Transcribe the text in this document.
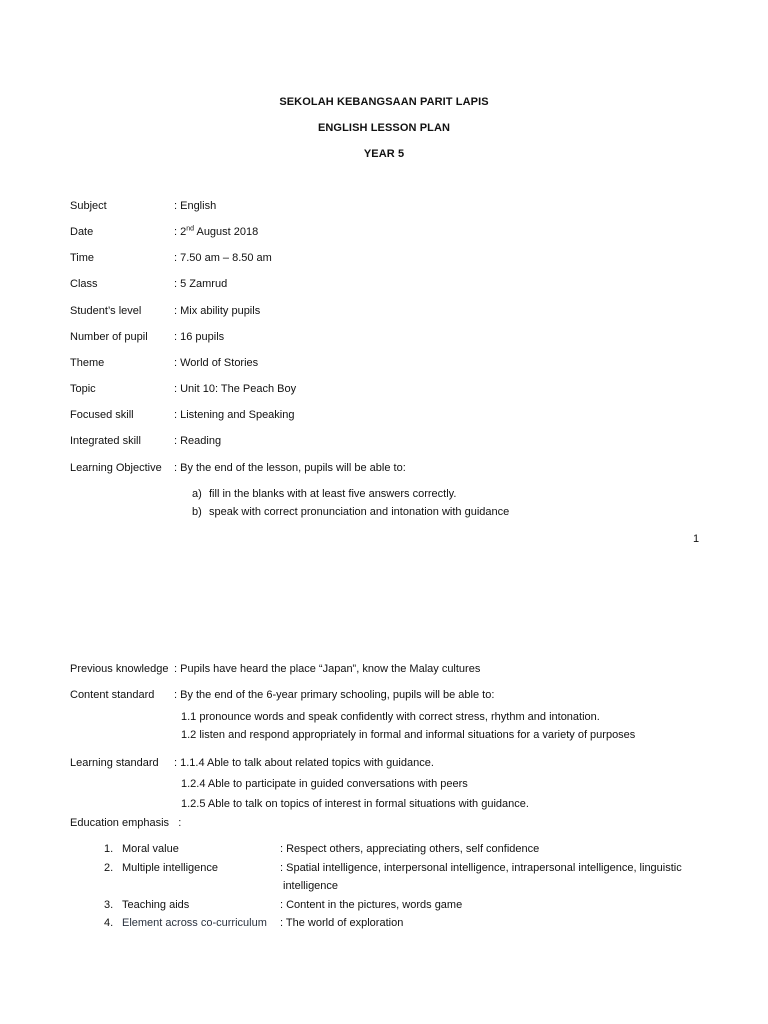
SEKOLAH KEBANGSAAN PARIT LAPIS
ENGLISH LESSON PLAN
YEAR 5
Subject	: English
Date	: 2nd August 2018
Time	: 7.50 am – 8.50 am
Class	: 5 Zamrud
Student’s level	: Mix ability pupils
Number of pupil : 16 pupils
Theme	: World of Stories
Topic	: Unit 10: The Peach Boy
Focused skill	: Listening and Speaking
Integrated skill	: Reading
Learning Objective : By the end of the lesson, pupils will be able to:
a) fill in the blanks with at least five answers correctly.
b) speak with correct pronunciation and intonation with guidance
1
Previous knowledge : Pupils have heard the place “Japan”, know the Malay cultures
Content standard : By the end of the 6-year primary schooling, pupils will be able to:
1.1 pronounce words and speak confidently with correct stress, rhythm and intonation.
1.2 listen and respond appropriately in formal and informal situations for a variety of purposes
Learning standard : 1.1.4 Able to talk about related topics with guidance.
1.2.4 Able to participate in guided conversations with peers
1.2.5 Able to talk on topics of interest in formal situations with guidance.
Education emphasis   :
1. Moral value	: Respect others, appreciating others, self confidence
2. Multiple intelligence	: Spatial intelligence, interpersonal intelligence, intrapersonal intelligence, linguistic
intelligence
3. Teaching aids	: Content in the pictures, words game
4. Element across co-curriculum : The world of exploration
